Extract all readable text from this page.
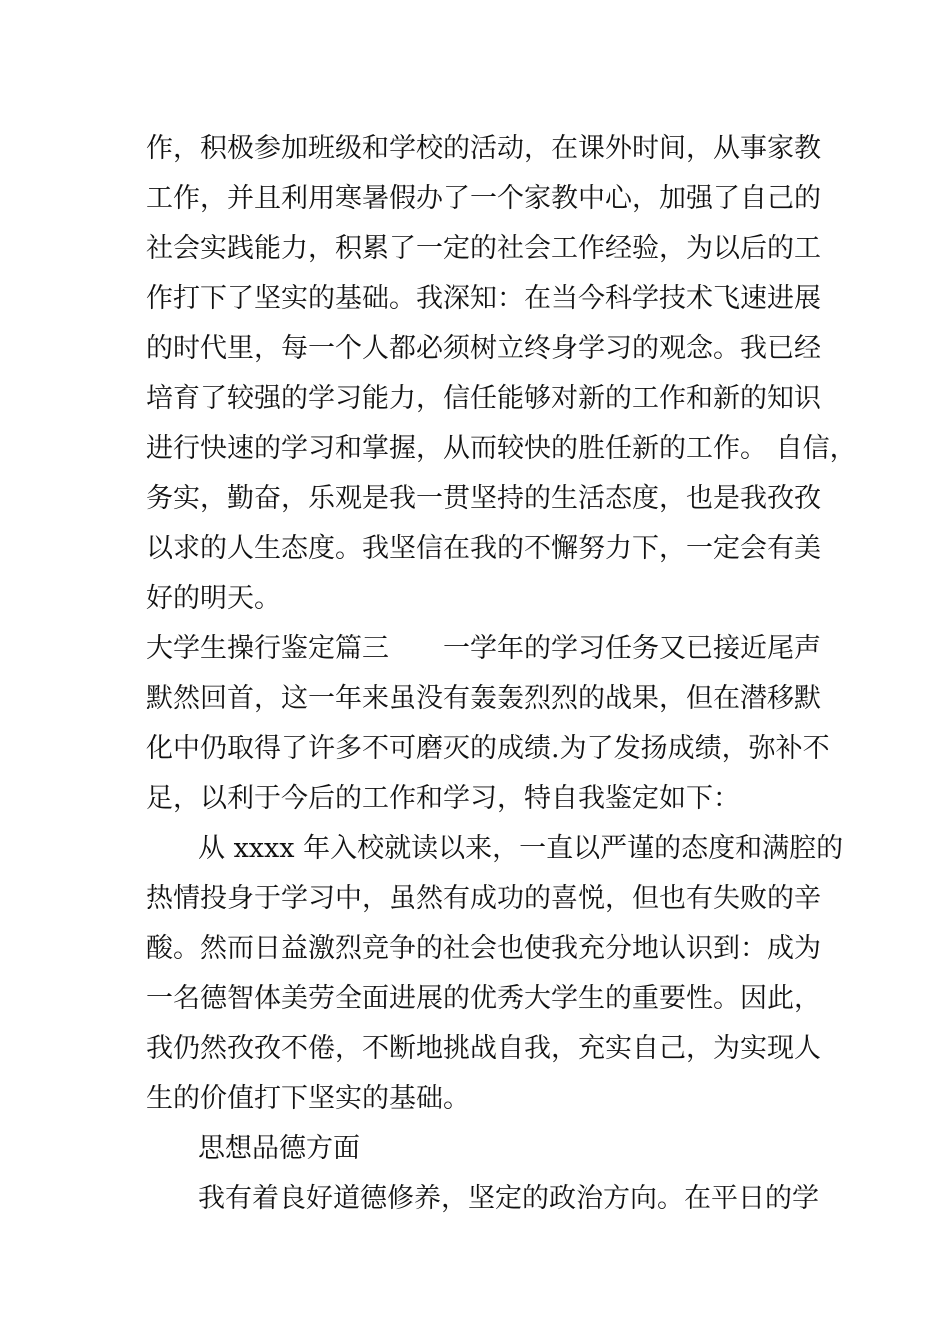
作，积极参加班级和学校的活动，在课外时间，从事家教
工作，并且利用寒暑假办了一个家教中心，加强了自己的
社会实践能力，积累了一定的社会工作经验，为以后的工
作打下了坚实的基础。我深知：在当今科学技术飞速进展
的时代里，每一个人都必须树立终身学习的观念。我已经
培育了较强的学习能力，信任能够对新的工作和新的知识
进行快速的学习和掌握，从而较快的胜任新的工作。 自信，
务实，勤奋，乐观是我一贯坚持的生活态度，也是我孜孜
以求的人生态度。我坚信在我的不懈努力下，一定会有美
好的明天。
大学生操行鉴定篇三 一学年的学习任务又已接近尾声
默然回首，这一年来虽没有轰轰烈烈的战果，但在潜移默
化中仍取得了许多不可磨灭的成绩.为了发扬成绩，弥补不
足，以利于今后的工作和学习，特自我鉴定如下：
从 xxxx 年入校就读以来，一直以严谨的态度和满腔的
热情投身于学习中，虽然有成功的喜悦，但也有失败的辛
酸。然而日益激烈竞争的社会也使我充分地认识到：成为
一名德智体美劳全面进展的优秀大学生的重要性。因此，
我仍然孜孜不倦，不断地挑战自我，充实自己，为实现人
生的价值打下坚实的基础。
思想品德方面
我有着良好道德修养，坚定的政治方向。在平日的学
